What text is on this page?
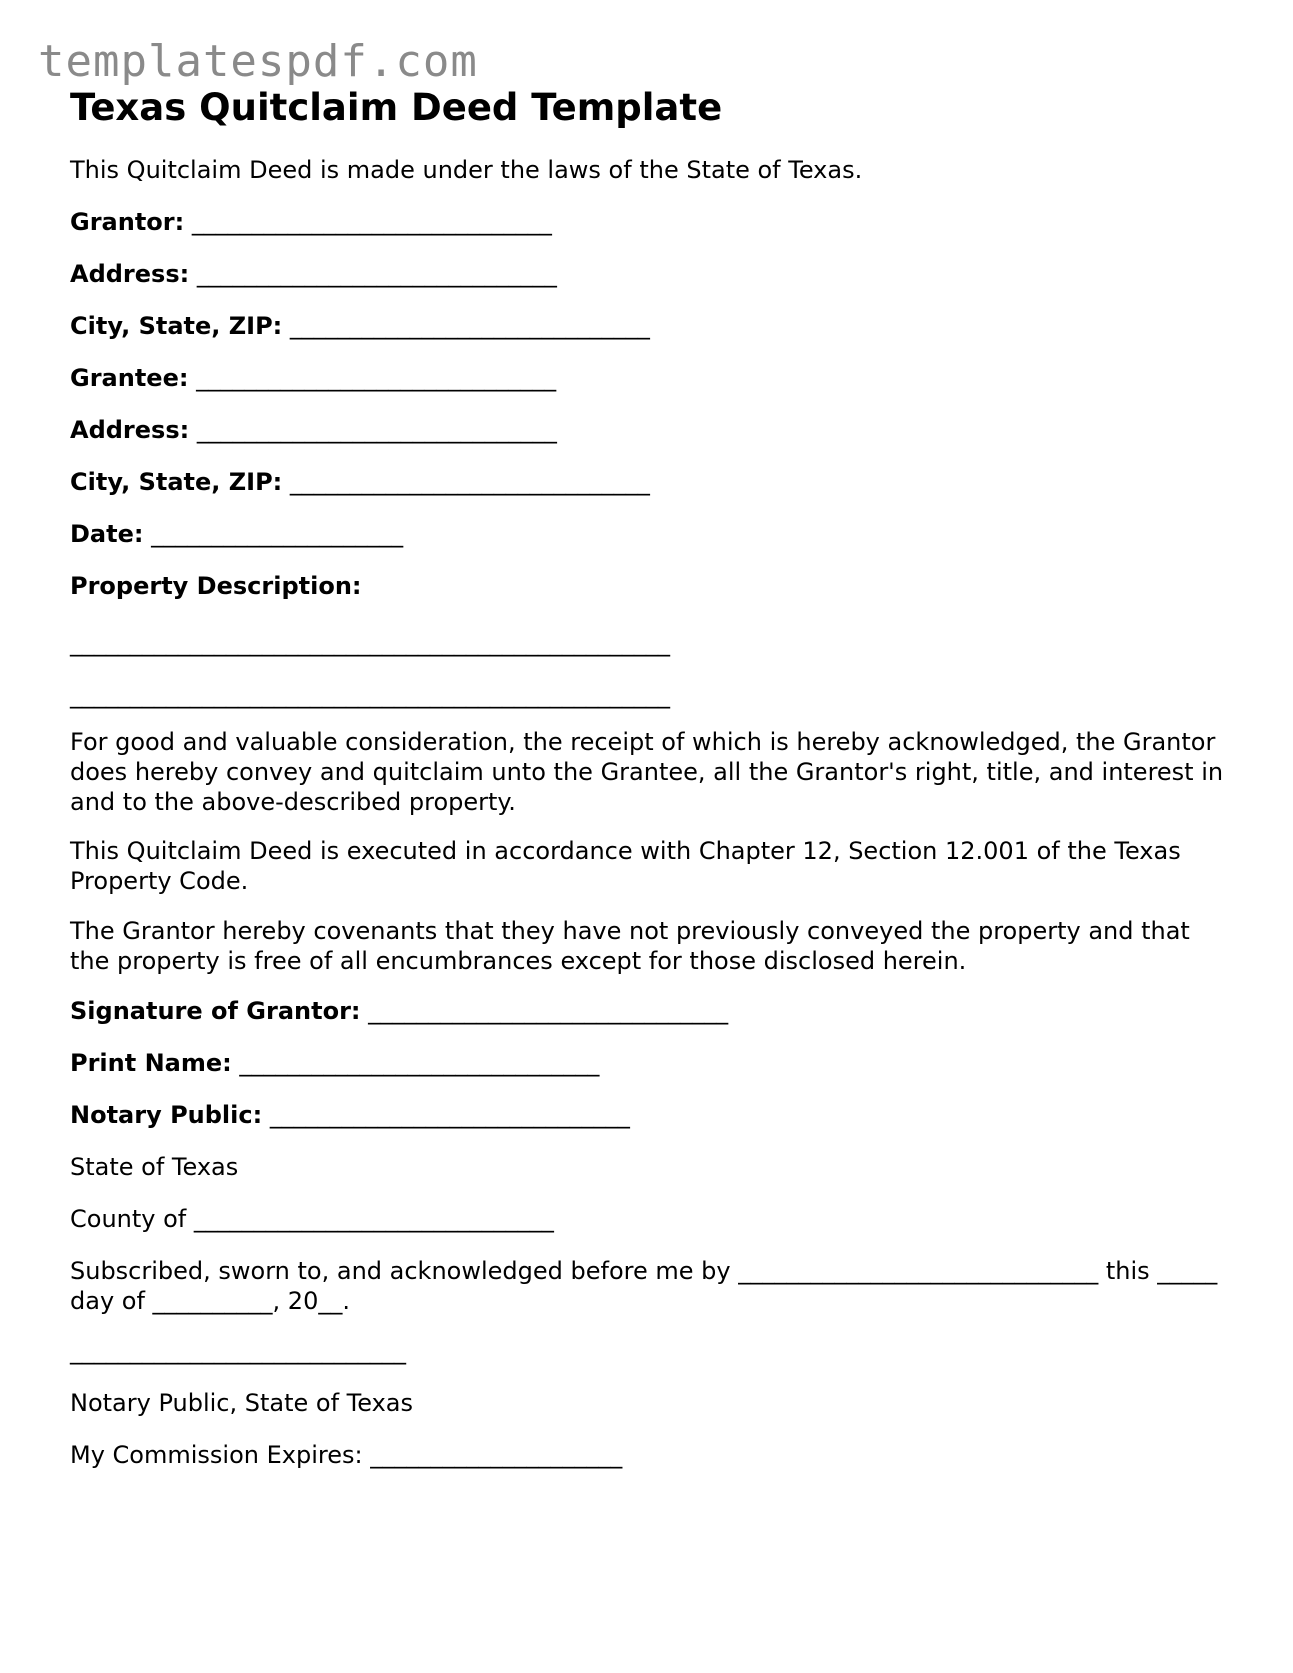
templatespdf.com
Texas Quitclaim Deed Template
This Quitclaim Deed is made under the laws of the State of Texas.
Grantor: ______________________________
Address: ______________________________
City, State, ZIP: ______________________________
Grantee: ______________________________
Address: ______________________________
City, State, ZIP: ______________________________
Date: _____________________
Property Description:
__________________________________________________
__________________________________________________
For good and valuable consideration, the receipt of which is hereby acknowledged, the Grantor does hereby convey and quitclaim unto the Grantee, all the Grantor's right, title, and interest in and to the above-described property.
This Quitclaim Deed is executed in accordance with Chapter 12, Section 12.001 of the Texas Property Code.
The Grantor hereby covenants that they have not previously conveyed the property and that the property is free of all encumbrances except for those disclosed herein.
Signature of Grantor: ______________________________
Print Name: ______________________________
Notary Public: ______________________________
State of Texas
County of ______________________________
Subscribed, sworn to, and acknowledged before me by ______________________________ this _____ day of __________, 20__.
____________________________
Notary Public, State of Texas
My Commission Expires: _____________________
